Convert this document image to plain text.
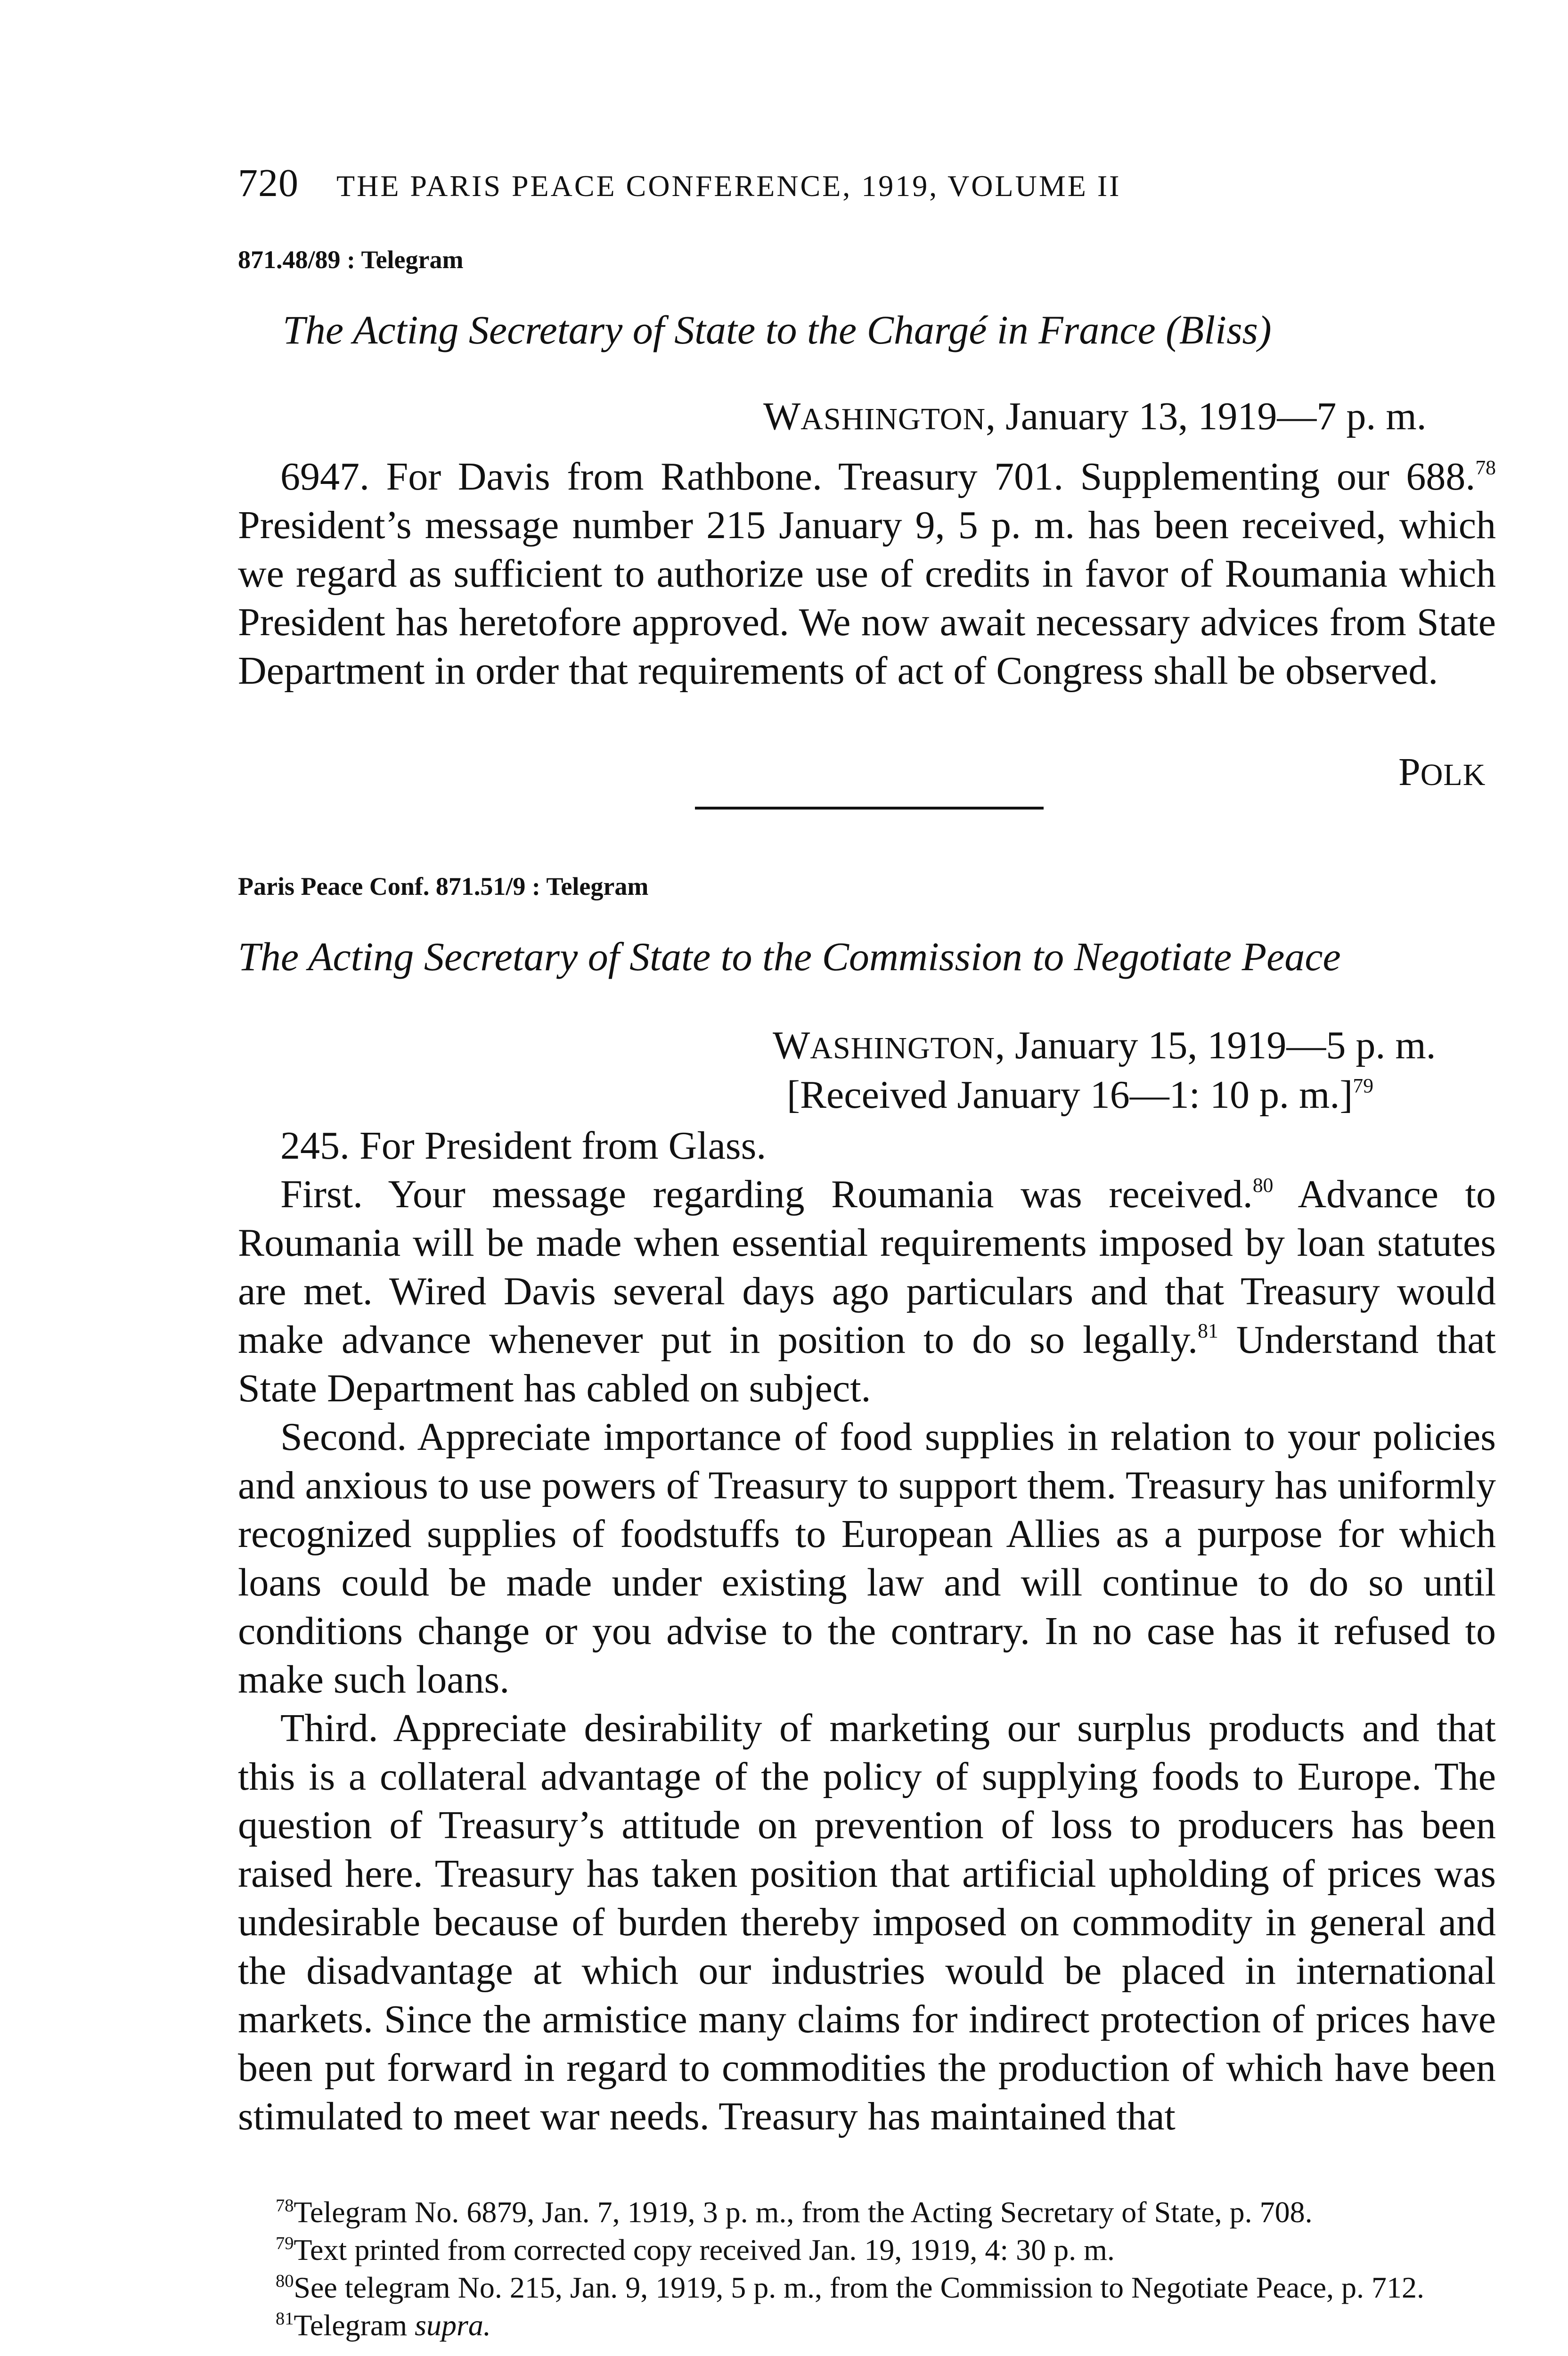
720 THE PARIS PEACE CONFERENCE, 1919, VOLUME II
871.48/89 : Telegram
The Acting Secretary of State to the Chargé in France (Bliss)
WASHINGTON, January 13, 1919—7 p. m.

6947. For Davis from Rathbone. Treasury 701. Supplementing our 688.78 President’s message number 215 January 9, 5 p. m. has been received, which we regard as sufficient to authorize use of credits in favor of Roumania which President has heretofore approved. We now await necessary advices from State Department in order that requirements of act of Congress shall be observed.

POLK
Paris Peace Conf. 871.51/9 : Telegram
The Acting Secretary of State to the Commission to Negotiate Peace
WASHINGTON, January 15, 1919—5 p. m.
[Received January 16—1: 10 p. m.]$^{79}$

245. For President from Glass.

First. Your message regarding Roumania was received.$^{80}$ Advance to Roumania will be made when essential requirements imposed by loan statutes are met. Wired Davis several days ago particulars and that Treasury would make advance whenever put in position to do so legally.$^{81}$ Understand that State Department has cabled on subject.

Second. Appreciate importance of food supplies in relation to your policies and anxious to use powers of Treasury to support them. Treasury has uniformly recognized supplies of foodstuffs to European Allies as a purpose for which loans could be made under existing law and will continue to do so until conditions change or you advise to the contrary. In no case has it refused to make such loans.

Third. Appreciate desirability of marketing our surplus products and that this is a collateral advantage of the policy of supplying foods to Europe. The question of Treasury’s attitude on prevention of loss to producers has been raised here. Treasury has taken position that artificial upholding of prices was undesirable because of burden thereby imposed on commodity in general and the disadvantage at which our industries would be placed in international markets. Since the armistice many claims for indirect protection of prices have been put forward in regard to commodities the production of which have been stimulated to meet war needs. Treasury has maintained that

$^{78}$Telegram No. 6879, Jan. 7, 1919, 3 p. m., from the Acting Secretary of State, p. 708.

$^{79}$Text printed from corrected copy received Jan. 19, 1919, 4: 30 p. m.

$^{80}$See telegram No. 215, Jan. 9, 1919, 5 p. m., from the Commission to Negotiate Peace, p. 712.

$^{81}$Telegram supra.
